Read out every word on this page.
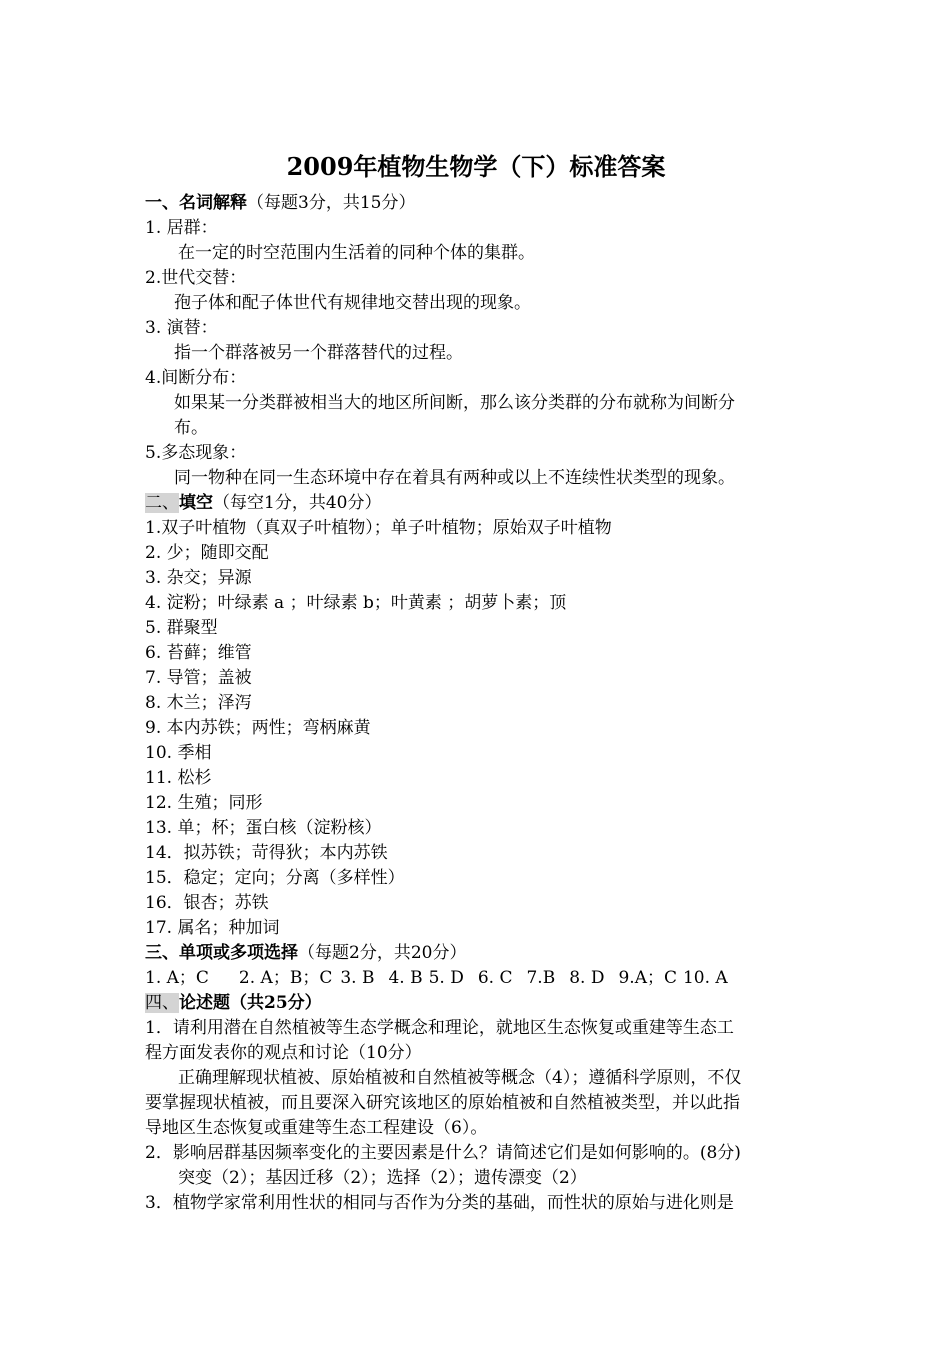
2009年植物生物学（下）标准答案
一、名词解释（每题3分，共15分）
1. 居群：
在一定的时空范围内生活着的同种个体的集群。
2.世代交替：
孢子体和配子体世代有规律地交替出现的现象。
3. 演替：
指一个群落被另一个群落替代的过程。
4.间断分布：
如果某一分类群被相当大的地区所间断，那么该分类群的分布就称为间断分
布。
5.多态现象：
同一物种在同一生态环境中存在着具有两种或以上不连续性状类型的现象。
二、填空（每空1分，共40分）
1.双子叶植物（真双子叶植物）；单子叶植物；原始双子叶植物
2. 少；随即交配
3. 杂交；异源
4. 淀粉；叶绿素 a ；叶绿素 b；叶黄素 ；胡萝卜素；顶
5. 群聚型
6. 苔藓；维管
7. 导管；盖被
8. 木兰；泽泻
9. 本内苏铁；两性；弯柄麻黄
10. 季相
11. 松杉
12. 生殖；同形
13. 单；杯；蛋白核（淀粉核）
14．拟苏铁；苛得狄；本内苏铁
15．稳定；定向；分离（多样性）
16．银杏；苏铁
17. 属名；种加词
三、单项或多项选择（每题2分，共20分）
1. A；C 2. A；B；C 3. B 4. B 5. D 6. C 7.B 8. D 9.A；C 10. A
四、论述题（共25分）
1．请利用潜在自然植被等生态学概念和理论，就地区生态恢复或重建等生态工
程方面发表你的观点和讨论（10分）
正确理解现状植被、原始植被和自然植被等概念（4）；遵循科学原则，不仅
要掌握现状植被，而且要深入研究该地区的原始植被和自然植被类型，并以此指
导地区生态恢复或重建等生态工程建设（6）。
2．影响居群基因频率变化的主要因素是什么？请简述它们是如何影响的。(8分)
突变（2）；基因迁移（2）；选择（2）；遗传漂变（2）
3．植物学家常利用性状的相同与否作为分类的基础，而性状的原始与进化则是
